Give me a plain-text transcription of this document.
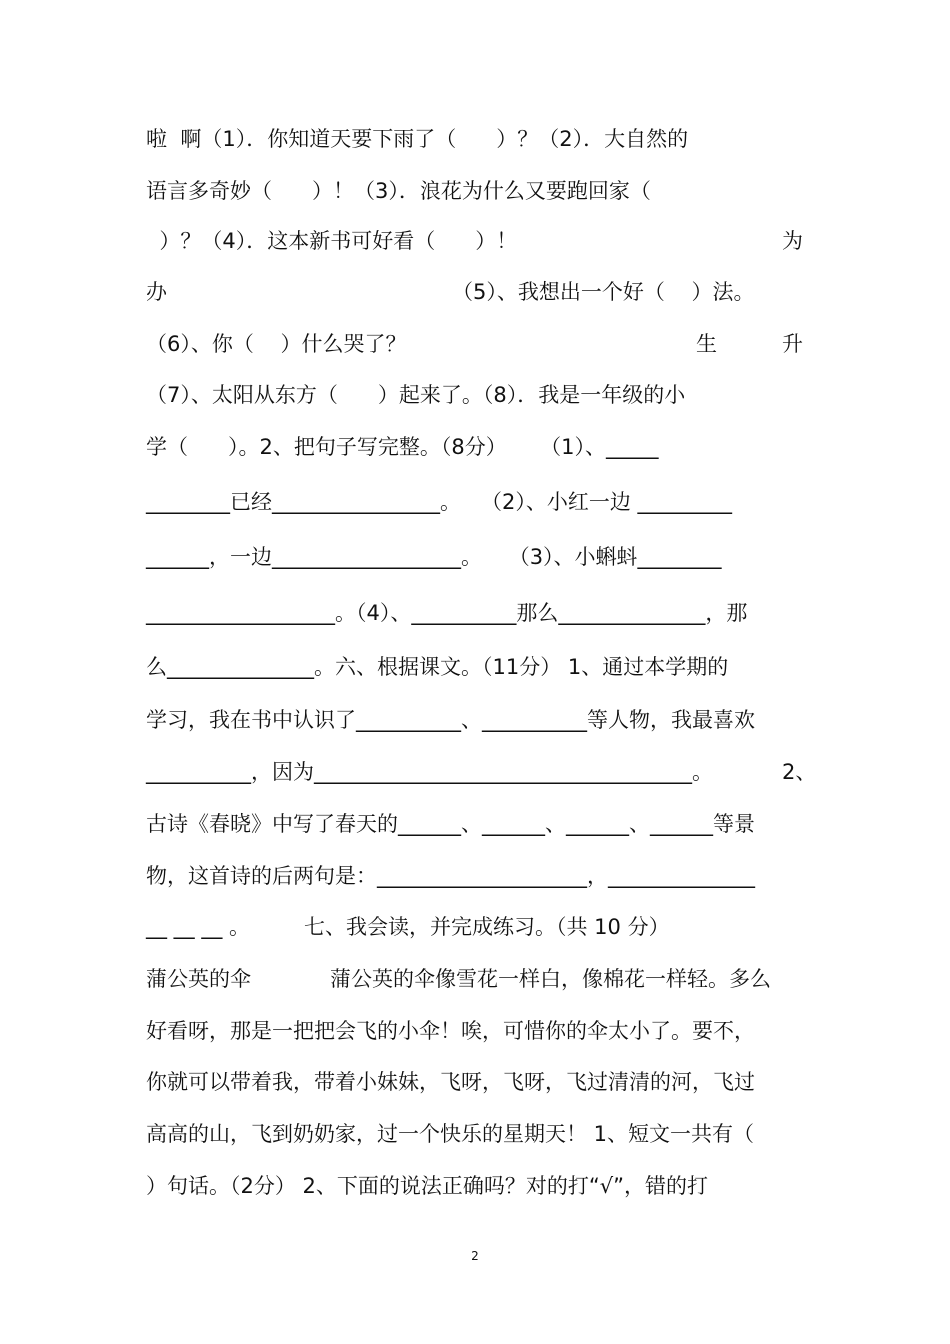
啦  啊（1）．你知道天要下雨了（      ）？（2）．大自然的
语言多奇妙（      ）！（3）．浪花为什么又要跑回家（
）？（4）．这本新书可好看（      ）！	为
办	（5）、我想出一个好（    ）法。
（6）、你（    ）什么哭了？	生	升
（7）、太阳从东方（      ）起来了。（8）．我是一年级的小
学（      ）。2、把句子写完整。（8分）     （1）、_____
________已经________________。   （2）、小红一边 _________
______，一边__________________。    （3）、小蝌蚪________
__________________。（4）、__________那么______________，那
么______________。六、根据课文。（11分） 1、通过本学期的
学习，我在书中认识了__________、__________等人物，我最喜欢
__________，因为____________________________________。	2、
古诗《春晓》中写了春天的______、______、______、______等景
物，这首诗的后两句是：____________________，______________
__ __ __ 。	七、我会读，并完成练习。（共 10 分）
蒲公英的伞	蒲公英的伞像雪花一样白，像棉花一样轻。多么
好看呀，那是一把把会飞的小伞！唉，可惜你的伞太小了。要不，
你就可以带着我，带着小妹妹，飞呀，飞呀，飞过清清的河，飞过
高高的山，飞到奶奶家，过一个快乐的星期天！ 1、短文一共有（
）句话。（2分） 2、下面的说法正确吗？对的打“√”，错的打
2
